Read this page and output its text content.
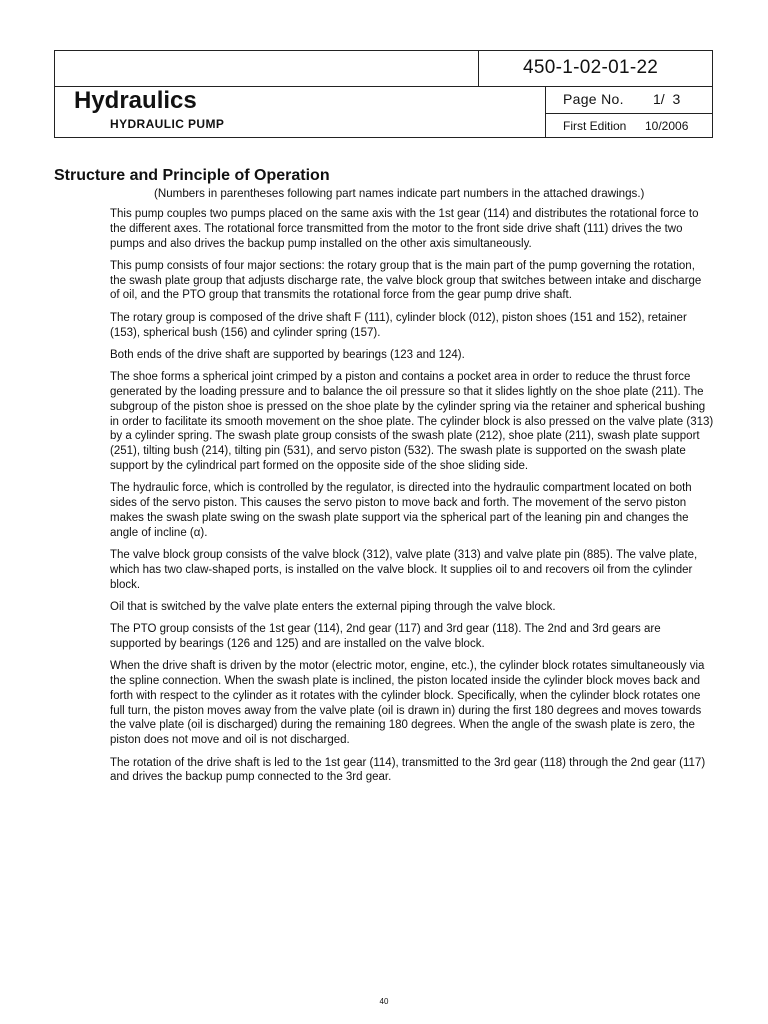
450-1-02-01-22
Hydraulics
HYDRAULIC PUMP
Page No. 1/  3
First Edition 10/2006
Structure and Principle of Operation

(Numbers in parentheses following part names indicate part numbers in the attached drawings.)

This pump couples two pumps placed on the same axis with the 1st gear (114) and distributes the rotational force to the different axes. The rotational force transmitted from the motor to the front side drive shaft (111) drives the two pumps and also drives the backup pump installed on the other axis simultaneously.

This pump consists of four major sections: the rotary group that is the main part of the pump governing the rotation, the swash plate group that adjusts discharge rate, the valve block group that switches between intake and discharge of oil, and the PTO group that transmits the rotational force from the gear pump drive shaft.

The rotary group is composed of the drive shaft F (111), cylinder block (012), piston shoes (151 and 152), retainer (153), spherical bush (156) and cylinder spring (157).

Both ends of the drive shaft are supported by bearings (123 and 124).

The shoe forms a spherical joint crimped by a piston and contains a pocket area in order to reduce the thrust force generated by the loading pressure and to balance the oil pressure so that it slides lightly on the shoe plate (211). The subgroup of the piston shoe is pressed on the shoe plate by the cylinder spring via the retainer and spherical bushing in order to facilitate its smooth movement on the shoe plate. The cylinder block is also pressed on the valve plate (313) by a cylinder spring. The swash plate group consists of the swash plate (212), shoe plate (211), swash plate support (251), tilting bush (214), tilting pin (531), and servo piston (532). The swash plate is supported on the swash plate support by the cylindrical part formed on the opposite side of the shoe sliding side.

The hydraulic force, which is controlled by the regulator, is directed into the hydraulic compartment located on both sides of the servo piston. This causes the servo piston to move back and forth. The movement of the servo piston makes the swash plate swing on the swash plate support via the spherical part of the leaning pin and changes the angle of incline (α).

The valve block group consists of the valve block (312), valve plate (313) and valve plate pin (885). The valve plate, which has two claw-shaped ports, is installed on the valve block. It supplies oil to and recovers oil from the cylinder block.

Oil that is switched by the valve plate enters the external piping through the valve block.

The PTO group consists of the 1st gear (114), 2nd gear (117) and 3rd gear (118). The 2nd and 3rd gears are supported by bearings (126 and 125) and are installed on the valve block.

When the drive shaft is driven by the motor (electric motor, engine, etc.), the cylinder block rotates simultaneously via the spline connection. When the swash plate is inclined, the piston located inside the cylinder block moves back and forth with respect to the cylinder as it rotates with the cylinder block. Specifically, when the cylinder block rotates one full turn, the piston moves away from the valve plate (oil is drawn in) during the first 180 degrees and moves towards the valve plate (oil is discharged) during the remaining 180 degrees. When the angle of the swash plate is zero, the piston does not move and oil is not discharged.

The rotation of the drive shaft is led to the 1st gear (114), transmitted to the 3rd gear (118) through the 2nd gear (117) and drives the backup pump connected to the 3rd gear.

40
